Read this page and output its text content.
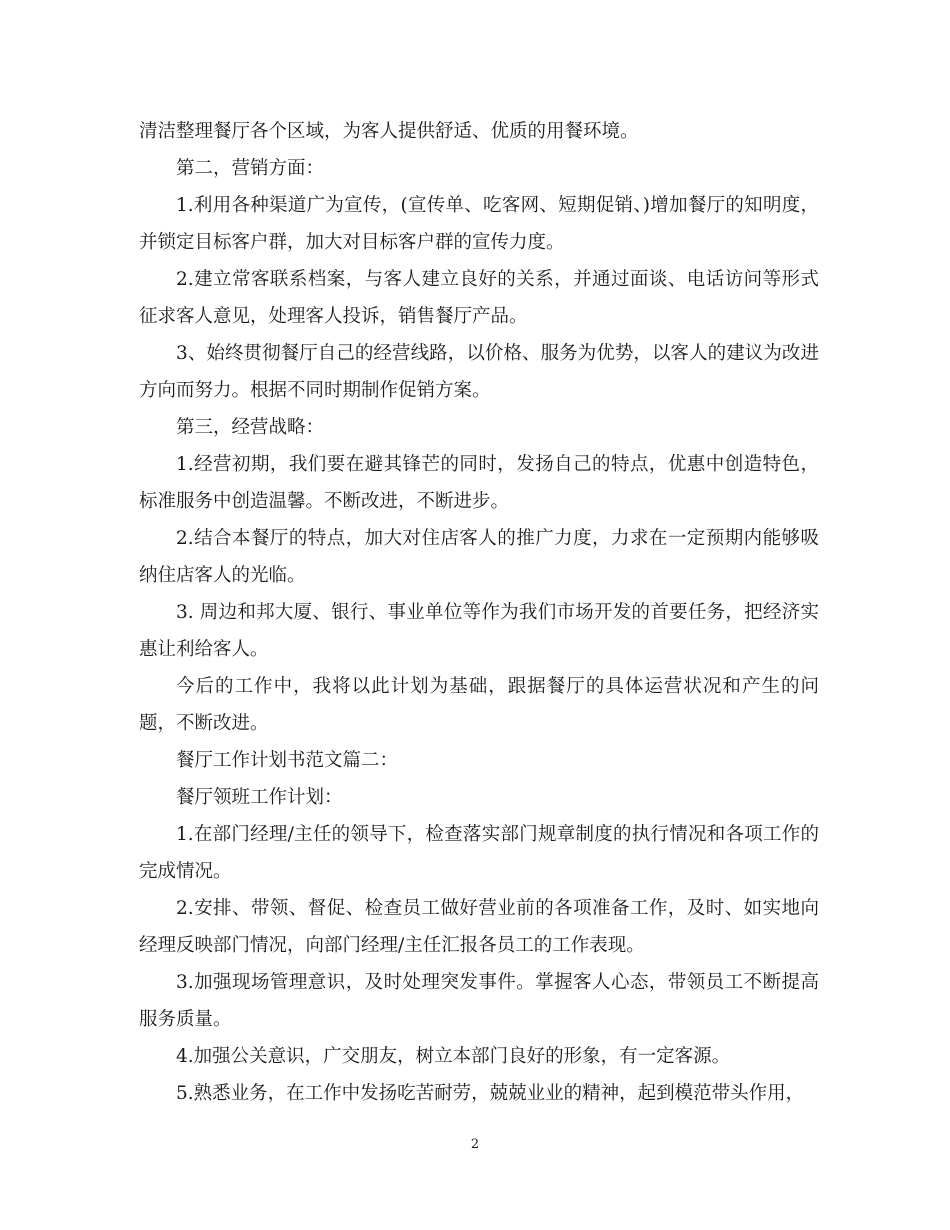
清洁整理餐厅各个区域，为客人提供舒适、优质的用餐环境。

第二，营销方面：

1.利用各种渠道广为宣传，(宣传单、吃客网、短期促销、)增加餐厅的知明度，并锁定目标客户群，加大对目标客户群的宣传力度。

2.建立常客联系档案，与客人建立良好的关系，并通过面谈、电话访问等形式征求客人意见，处理客人投诉，销售餐厅产品。

3、始终贯彻餐厅自己的经营线路，以价格、服务为优势，以客人的建议为改进方向而努力。根据不同时期制作促销方案。

第三，经营战略：

1.经营初期，我们要在避其锋芒的同时，发扬自己的特点，优惠中创造特色，标准服务中创造温馨。不断改进，不断进步。

2.结合本餐厅的特点，加大对住店客人的推广力度，力求在一定预期内能够吸纳住店客人的光临。

3. 周边和邦大厦、银行、事业单位等作为我们市场开发的首要任务，把经济实惠让利给客人。

今后的工作中，我将以此计划为基础，跟据餐厅的具体运营状况和产生的问题，不断改进。

餐厅工作计划书范文篇二：

餐厅领班工作计划：

1.在部门经理/主任的领导下，检查落实部门规章制度的执行情况和各项工作的完成情况。

2.安排、带领、督促、检查员工做好营业前的各项准备工作，及时、如实地向经理反映部门情况，向部门经理/主任汇报各员工的工作表现。

3.加强现场管理意识，及时处理突发事件。掌握客人心态，带领员工不断提高服务质量。

4.加强公关意识，广交朋友，树立本部门良好的形象，有一定客源。

5.熟悉业务，在工作中发扬吃苦耐劳，兢兢业业的精神，起到模范带头作用，

2
